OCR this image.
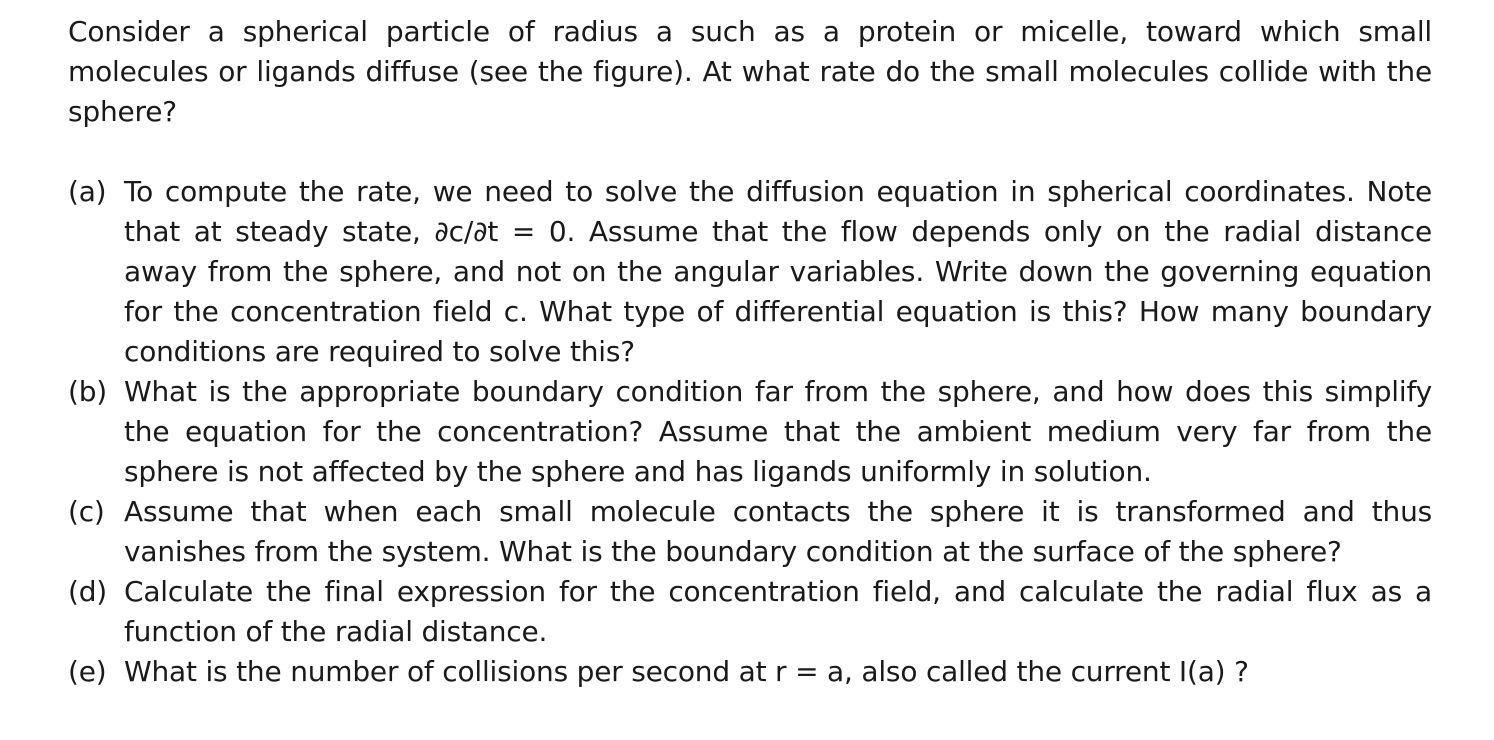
Consider a spherical particle of radius a such as a protein or micelle, toward which small molecules or ligands diffuse (see the figure). At what rate do the small molecules collide with the sphere?

(a) To compute the rate, we need to solve the diffusion equation in spherical coordinates. Note that at steady state, ∂c/∂t = 0. Assume that the flow depends only on the radial distance away from the sphere, and not on the angular variables. Write down the governing equation for the concentration field c. What type of differential equation is this? How many boundary conditions are required to solve this?
(b) What is the appropriate boundary condition far from the sphere, and how does this simplify the equation for the concentration? Assume that the ambient medium very far from the sphere is not affected by the sphere and has ligands uniformly in solution.
(c) Assume that when each small molecule contacts the sphere it is transformed and thus vanishes from the system. What is the boundary condition at the surface of the sphere?
(d) Calculate the final expression for the concentration field, and calculate the radial flux as a function of the radial distance.
(e) What is the number of collisions per second at r = a, also called the current I(a) ?
